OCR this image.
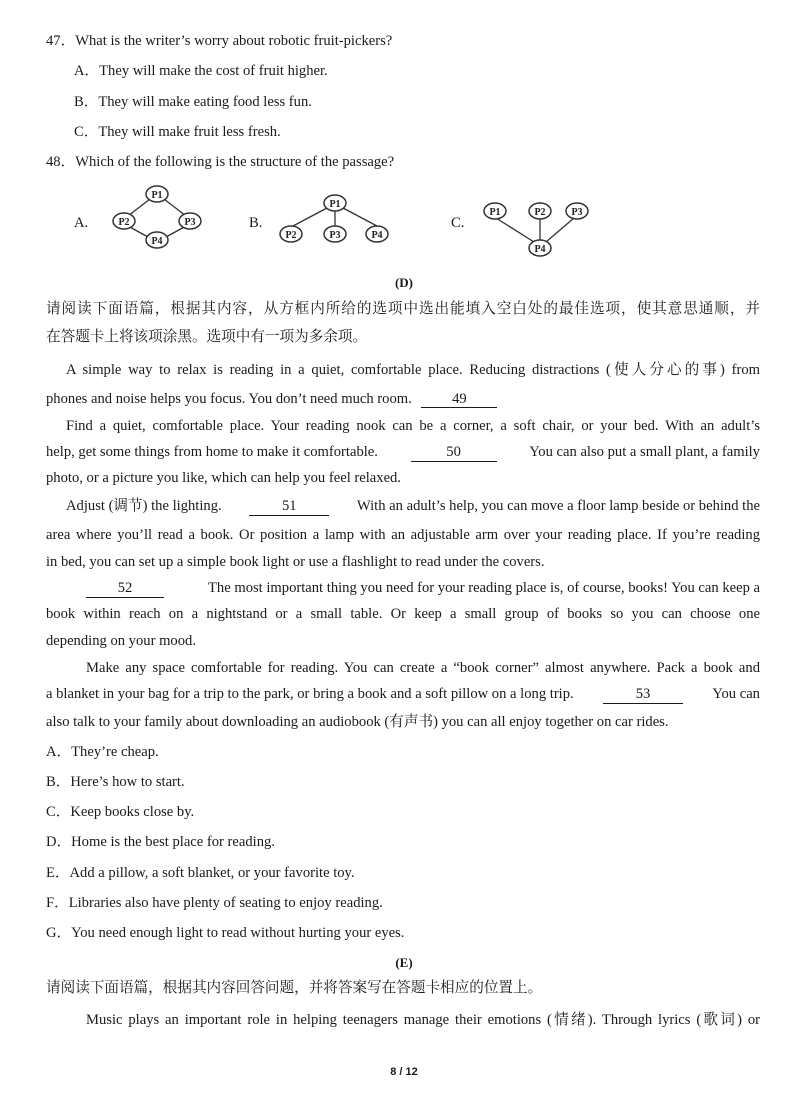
47．What is the writer’s worry about robotic fruit-pickers?
A．They will make the cost of fruit higher.
B．They will make eating food less fun.
C．They will make fruit less fresh.
48．Which of the following is the structure of the passage?
A.
P1
P2	P3
P4
B.
P1
P2	P3	P4
C.
P1	P2	P3
P4
(D)
请阅读下面语篇，根据其内容，从方框内所给的选项中选出能填入空白处的最佳选项，使其意思通顺，并
在答题卡上将该项涂黑。选项中有一项为多余项。
A simple way to relax is reading in a quiet, comfortable place. Reducing distractions (使人分心的事) from
phones and noise helps you focus. You don’t need much room.	49
Find a quiet, comfortable place. Your reading nook can be a corner, a soft chair, or your bed. With an adult’s
help, get some things from home to make it comfortable.	50	You can also put a small plant, a family
photo, or a picture you like, which can help you feel relaxed.
Adjust (调节) the lighting.	51	With an adult’s help, you can move a floor lamp beside or behind the
area where you’ll read a book. Or position a lamp with an adjustable arm over your reading place. If you’re reading
in bed, you can set up a simple book light or use a flashlight to read under the covers.
52	The most important thing you need for your reading place is, of course, books! You can keep a
book within reach on a nightstand or a small table. Or keep a small group of books so you can choose one
depending on your mood.
Make any space comfortable for reading. You can create a “book corner” almost anywhere. Pack a book and
a blanket in your bag for a trip to the park, or bring a book and a soft pillow on a long trip.	53	You can
also talk to your family about downloading an audiobook (有声书) you can all enjoy together on car rides.
A．They’re cheap.
B．Here’s how to start.
C．Keep books close by.
D．Home is the best place for reading.
E．Add a pillow, a soft blanket, or your favorite toy.
F．Libraries also have plenty of seating to enjoy reading.
G．You need enough light to read without hurting your eyes.
(E)
请阅读下面语篇，根据其内容回答问题，并将答案写在答题卡相应的位置上。
Music plays an important role in helping teenagers manage their emotions (情绪). Through lyrics (歌词) or
8 / 12
